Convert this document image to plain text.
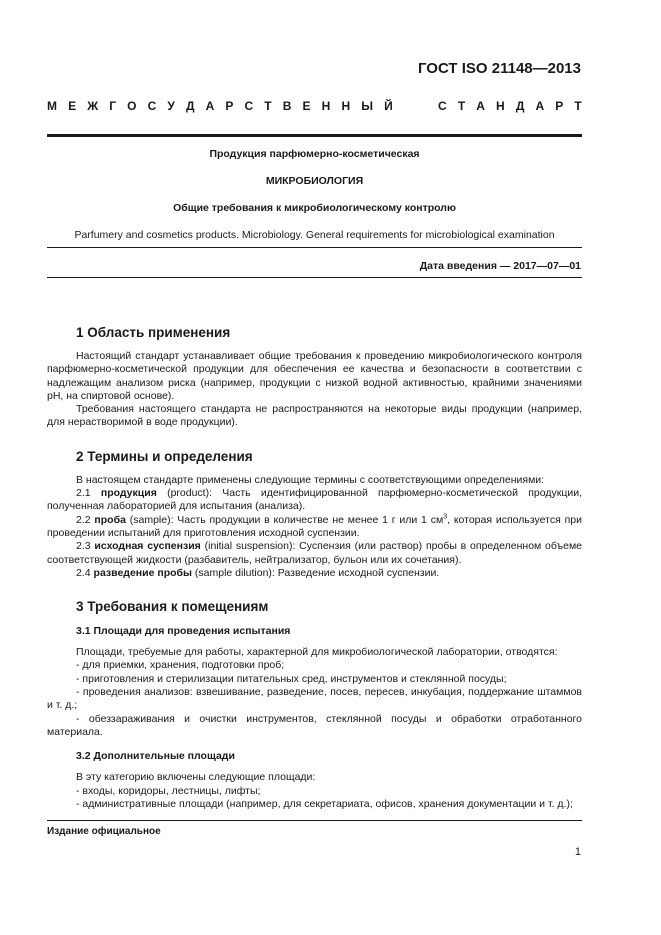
ГОСТ ISO 21148—2013
М Е Ж Г О С У Д А Р С Т В Е Н Н Ы Й	С Т А Н Д А Р Т
Продукция парфюмерно-косметическая
МИКРОБИОЛОГИЯ
Общие требования к микробиологическому контролю
Parfumery and cosmetics products. Microbiology. General requirements for microbiological examination
Дата введения — 2017—07—01
1 Область применения

Настоящий стандарт устанавливает общие требования к проведению микробиологического контроля парфюмерно-косметической продукции для обеспечения ее качества и безопасности в соответствии с надлежащим анализом риска (например, продукции с низкой водной активностью, крайними значениями pH, на спиртовой основе).

Требования настоящего стандарта не распространяются на некоторые виды продукции (например, для нерастворимой в воде продукции).

2 Термины и определения

В настоящем стандарте применены следующие термины с соответствующими определениями:

2.1 продукция (product): Часть идентифицированной парфюмерно-косметической продукции, полученная лабораторией для испытания (анализа).

2.2 проба (sample): Часть продукции в количестве не менее 1 г или 1 $см^3$, которая используется при проведении испытаний для приготовления исходной суспензии.

2.3 исходная суспензия (initial suspension): Суспензия (или раствор) пробы в определенном объеме соответствующей жидкости (разбавитель, нейтрализатор, бульон или их сочетания).

2.4 разведение пробы (sample dilution): Разведение исходной суспензии.

3 Требования к помещениям
3.1 Площади для проведения испытания

Площади, требуемые для работы, характерной для микробиологической лаборатории, отводятся:

- для приемки, хранения, подготовки проб;

- приготовления и стерилизации питательных сред, инструментов и стеклянной посуды;

- проведения анализов: взвешивание, разведение, посев, пересев, инкубация, поддержание штаммов и т. д.;

- обеззараживания и очистки инструментов, стеклянной посуды и обработки отработанного материала.

3.2 Дополнительные площади

В эту категорию включены следующие площади:

- входы, коридоры, лестницы, лифты;

- административные площади (например, для секретариата, офисов, хранения документации и т. д.);

Издание официальное
1
